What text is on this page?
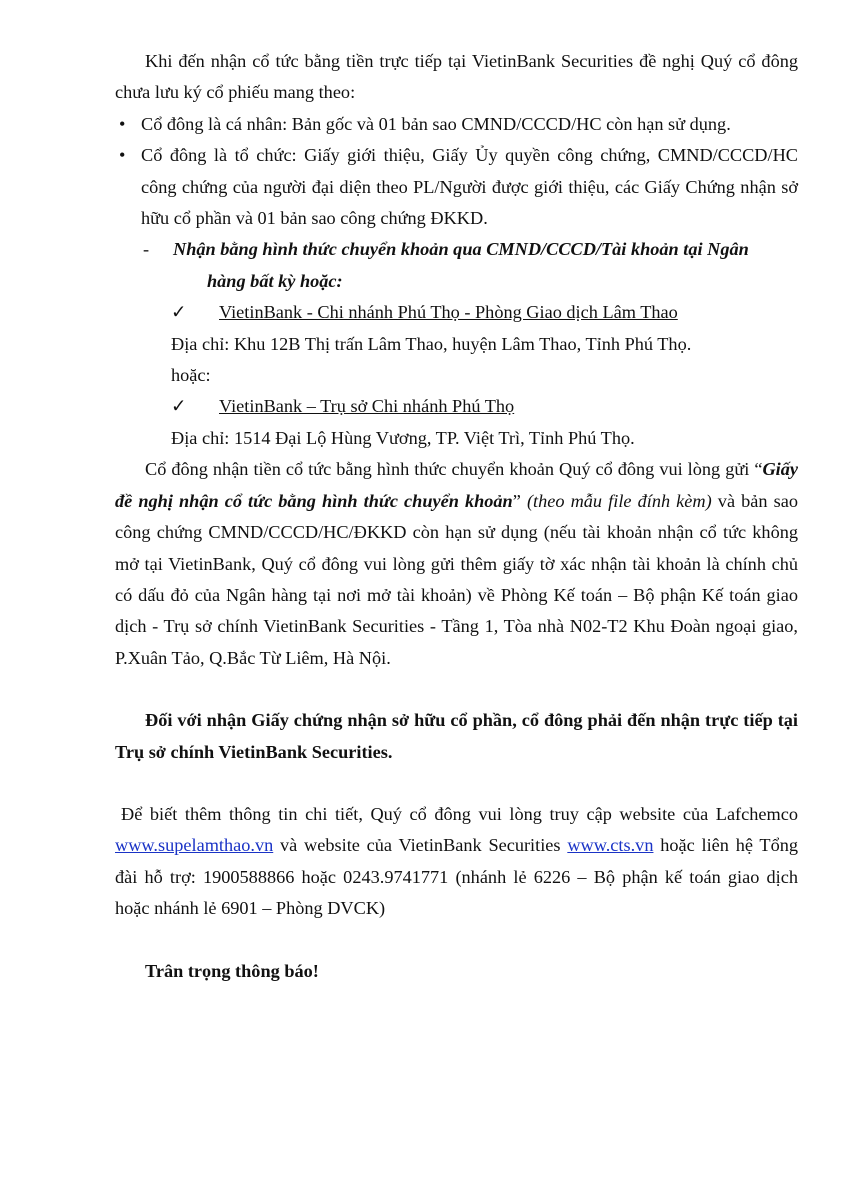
Khi đến nhận cổ tức bằng tiền trực tiếp tại VietinBank Securities đề nghị Quý cổ đông chưa lưu ký cổ phiếu mang theo:

• Cổ đông là cá nhân: Bản gốc và 01 bản sao CMND/CCCD/HC còn hạn sử dụng.

• Cổ đông là tổ chức: Giấy giới thiệu, Giấy Ủy quyền công chứng, CMND/CCCD/HC công chứng của người đại diện theo PL/Người được giới thiệu, các Giấy Chứng nhận sở hữu cổ phần và 01 bản sao công chứng ĐKKD.

- Nhận bằng hình thức chuyển khoản qua CMND/CCCD/Tài khoản tại Ngân
hàng bất kỳ hoặc:

✓ VietinBank - Chi nhánh Phú Thọ - Phòng Giao dịch Lâm Thao

Địa chỉ: Khu 12B Thị trấn Lâm Thao, huyện Lâm Thao, Tỉnh Phú Thọ.

hoặc:

✓ VietinBank – Trụ sở Chi nhánh Phú Thọ

Địa chỉ: 1514 Đại Lộ Hùng Vương, TP. Việt Trì, Tỉnh Phú Thọ.

Cổ đông nhận tiền cổ tức bằng hình thức chuyển khoản Quý cổ đông vui lòng gửi “Giấy đề nghị nhận cổ tức bằng hình thức chuyển khoản” (theo mẫu file đính kèm) và bản sao công chứng CMND/CCCD/HC/ĐKKD còn hạn sử dụng (nếu tài khoản nhận cổ tức không mở tại VietinBank, Quý cổ đông vui lòng gửi thêm giấy tờ xác nhận tài khoản là chính chủ có dấu đỏ của Ngân hàng tại nơi mở tài khoản) về Phòng Kế toán – Bộ phận Kế toán giao dịch - Trụ sở chính VietinBank Securities - Tầng 1, Tòa nhà N02-T2 Khu Đoàn ngoại giao, P.Xuân Tảo, Q.Bắc Từ Liêm, Hà Nội.

Đối với nhận Giấy chứng nhận sở hữu cổ phần, cổ đông phải đến nhận trực tiếp tại Trụ sở chính VietinBank Securities.

Để biết thêm thông tin chi tiết, Quý cổ đông vui lòng truy cập website của Lafchemco www.supelamthao.vn và website của VietinBank Securities www.cts.vn hoặc liên hệ Tổng đài hỗ trợ: 1900588866 hoặc 0243.9741771 (nhánh lẻ 6226 – Bộ phận kế toán giao dịch hoặc nhánh lẻ 6901 – Phòng DVCK)

Trân trọng thông báo!
